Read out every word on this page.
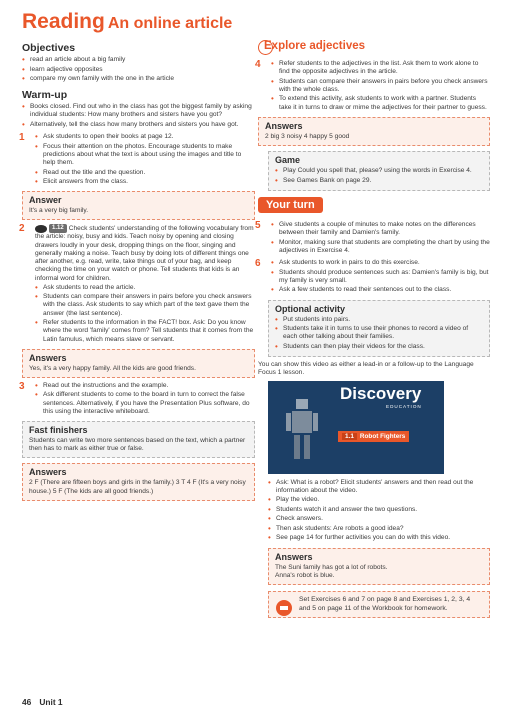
Reading An online article
Objectives
• read an article about a big family
• learn adjective opposites
• compare my own family with the one in the article
Warm-up
• Books closed. Find out who in the class has got the biggest family by asking individual students: How many brothers and sisters have you got?
• Alternatively, tell the class how many brothers and sisters you have got.
1	• Ask students to open their books at page 12.
• Focus their attention on the photos. Encourage students to make predictions about what the text is about using the images and title to help them.
• Read out the title and the question.
• Elicit answers from the class.
Answer

It's a very big family.

2	1.12 Check students' understanding of the following vocabulary from the article: noisy, busy and kids. Teach noisy by opening and closing drawers loudly in your desk, dropping things on the floor, singing and generally making a noise. Teach busy by doing lots of different things one after another, e.g. read, write, take things out of your bag, and keep checking the time on your watch or phone. Tell students that kids is an informal word for children.

• Ask students to read the article.
• Students can compare their answers in pairs before you check answers with the class. Ask students to say which part of the text gave them the answer (the last sentence).
• Refer students to the information in the FACT! box. Ask: Do you know where the word 'family' comes from? Tell students that it comes from the Latin famulus, which means slave or servant.
Answers

Yes, it's a very happy family. All the kids are good friends.

3	• Read out the instructions and the example.
• Ask different students to come to the board in turn to correct the false sentences. Alternatively, if you have the Presentation Plus software, do this using the interactive whiteboard.
Fast finishers

Students can write two more sentences based on the text, which a partner then has to mark as either true or false.

Answers

2 F (There are fifteen boys and girls in the family.) 3 T 4 F (It's a very noisy house.) 5 F (The kids are all good friends.)

Explore adjectives
4	• Refer students to the adjectives in the list. Ask them to work alone to find the opposite adjectives in the article.
• Students can compare their answers in pairs before you check answers with the whole class.
• To extend this activity, ask students to work with a partner. Students take it in turns to draw or mime the adjectives for their partner to guess.
Answers

2 big 3 noisy 4 happy 5 good

Game
• Play Could you spell that, please? using the words in Exercise 4.
• See Games Bank on page 29.
Your turn
5	• Give students a couple of minutes to make notes on the differences between their family and Damien's family.
• Monitor, making sure that students are completing the chart by using the adjectives in Exercise 4.
6	• Ask students to work in pairs to do this exercise.
• Students should produce sentences such as: Damien's family is big, but my family is very small.
• Ask a few students to read their sentences out to the class.
Optional activity
• Put students into pairs.
• Students take it in turns to use their phones to record a video of each other talking about their families.
• Students can then play their videos for the class.

You can show this video as either a lead-in or a follow-up to the Language Focus 1 lesson.

Discovery
EDUCATION
1.1 Robot Fighters
• Ask: What is a robot? Elicit students' answers and then read out the information about the video.
• Play the video.
• Students watch it and answer the two questions.
• Check answers.
• Then ask students: Are robots a good idea?
• See page 14 for further activities you can do with this video.
Answers

The Suni family has got a lot of robots.

Anna's robot is blue.

Set Exercises 6 and 7 on page 8 and Exercises 1, 2, 3, 4 and 5 on page 11 of the Workbook for homework.
46 Unit 1
